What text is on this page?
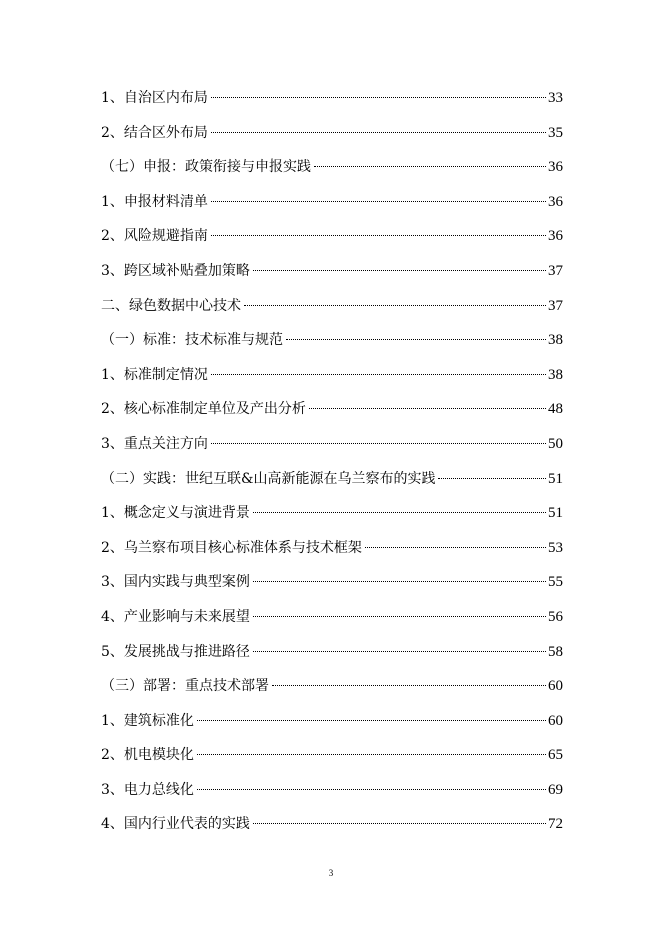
1、自治区内布局	33
2、结合区外布局	35
（七）申报：政策衔接与申报实践	36
1、申报材料清单	36
2、风险规避指南	36
3、跨区域补贴叠加策略	37
二、绿色数据中心技术	37
（一）标准：技术标准与规范	38
1、标准制定情况	38
2、核心标准制定单位及产出分析	48
3、重点关注方向	50
（二）实践：世纪互联&山高新能源在乌兰察布的实践	51
1、概念定义与演进背景	51
2、乌兰察布项目核心标准体系与技术框架	53
3、国内实践与典型案例	55
4、产业影响与未来展望	56
5、发展挑战与推进路径	58
（三）部署：重点技术部署	60
1、建筑标准化	60
2、机电模块化	65
3、电力总线化	69
4、国内行业代表的实践	72
3
